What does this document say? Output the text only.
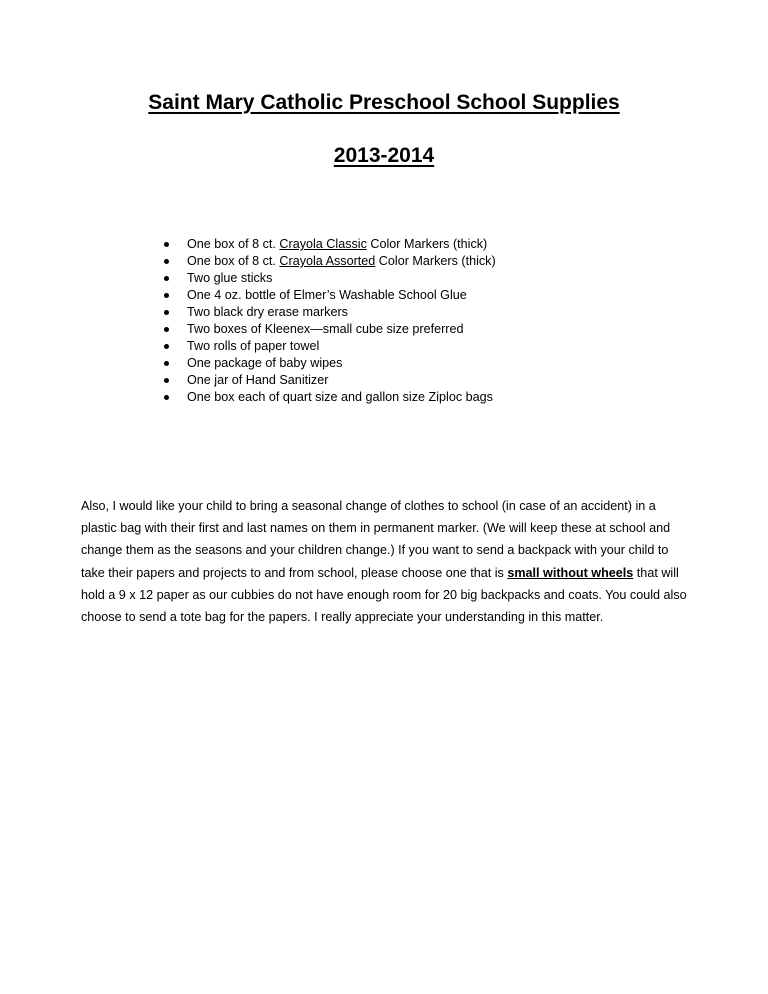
Saint Mary Catholic Preschool School Supplies
2013-2014
One box of 8 ct. Crayola Classic Color Markers (thick)
One box of 8 ct. Crayola Assorted Color Markers (thick)
Two glue sticks
One 4 oz. bottle of Elmer’s Washable School Glue
Two black dry erase markers
Two boxes of Kleenex—small cube size preferred
Two rolls of paper towel
One package of baby wipes
One jar of Hand Sanitizer
One box each of quart size and gallon size Ziploc bags

Also, I would like your child to bring a seasonal change of clothes to school (in case of an accident) in a plastic bag with their first and last names on them in permanent marker. (We will keep these at school and change them as the seasons and your children change.) If you want to send a backpack with your child to take their papers and projects to and from school, please choose one that is small without wheels that will hold a 9 x 12 paper as our cubbies do not have enough room for 20 big backpacks and coats. You could also choose to send a tote bag for the papers. I really appreciate your understanding in this matter.
